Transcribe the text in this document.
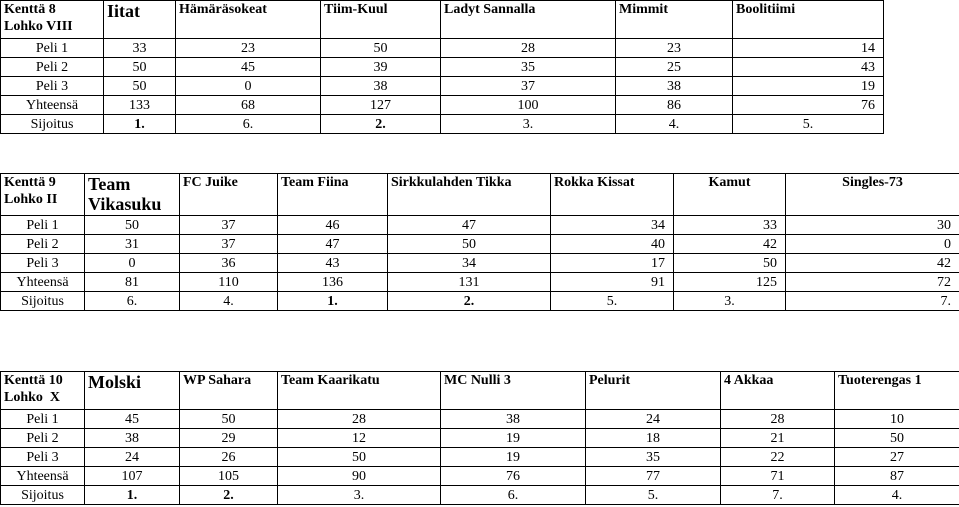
Kenttä 8
Lohko VIII	Iitat	Hämäräsokeat	Tiim-Kuul	Ladyt Sannalla	Mimmit	Boolitiimi
Peli 1	33	23	50	28	23	14
Peli 2	50	45	39	35	25	43
Peli 3	50	0	38	37	38	19
Yhteensä	133	68	127	100	86	76
Sijoitus	1.	6.	2.	3.	4.	5.
Kenttä 9
Lohko II	Team Vikasuku	FC Juike	Team Fiina	Sirkkulahden Tikka	Rokka Kissat	Kamut	Singles-73
Peli 1	50	37	46	47	34	33	30
Peli 2	31	37	47	50	40	42	0
Peli 3	0	36	43	34	17	50	42
Yhteensä	81	110	136	131	91	125	72
Sijoitus	6.	4.	1.	2.	5.	3.	7.
Kenttä 10
Lohko  X	Molski	WP Sahara	Team Kaarikatu	MC Nulli 3	Pelurit	4 Akkaa	Tuoterengas 1
Peli 1	45	50	28	38	24	28	10
Peli 2	38	29	12	19	18	21	50
Peli 3	24	26	50	19	35	22	27
Yhteensä	107	105	90	76	77	71	87
Sijoitus	1.	2.	3.	6.	5.	7.	4.
